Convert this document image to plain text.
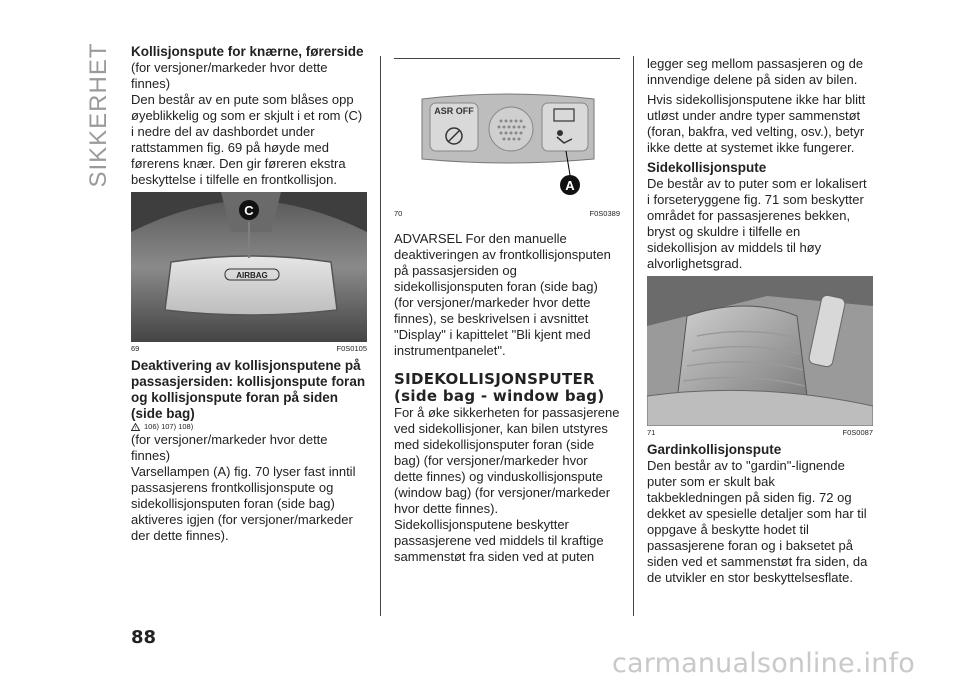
SIKKERHET Kollisjonspute for knærne, førerside

(for versjoner/markeder hvor dette finnes)

Den består av en pute som blåses opp øyeblikkelig og som er skjult i et rom (C) i nedre del av dashbordet under rattstammen fig. 69 på høyde med førerens knær. Den gir føreren ekstra beskyttelse i tilfelle en frontkollisjon.

AIRBAG
C
69	F0S0105
Deaktivering av kollisjonsputene på passasjersiden: kollisjonspute foran og kollisjonspute foran på siden (side bag)
! 106) 107) 108)

(for versjoner/markeder hvor dette finnes)

Varsellampen (A) fig. 70 lyser fast inntil passasjerens frontkollisjonspute og sidekollisjonsputen foran (side bag) aktiveres igjen (for versjoner/markeder der dette finnes).

ASR OFF
A
70	F0S0389

ADVARSEL For den manuelle deaktiveringen av frontkollisjonsputen på passasjersiden og sidekollisjonsputen foran (side bag) (for versjoner/markeder hvor dette finnes), se beskrivelsen i avsnittet "Display" i kapittelet "Bli kjent med instrumentpanelet".

SIDEKOLLISJONSPUTER (side bag - window bag)

For å øke sikkerheten for passasjerene ved sidekollisjoner, kan bilen utstyres med sidekollisjonsputer foran (side bag) (for versjoner/markeder hvor dette finnes) og vinduskollisjonspute (window bag) (for versjoner/markeder hvor dette finnes).

Sidekollisjonsputene beskytter passasjerene ved middels til kraftige sammenstøt fra siden ved at puten

legger seg mellom passasjeren og de innvendige delene på siden av bilen.

Hvis sidekollisjonsputene ikke har blitt utløst under andre typer sammenstøt (foran, bakfra, ved velting, osv.), betyr ikke dette at systemet ikke fungerer.

Sidekollisjonspute

De består av to puter som er lokalisert i forseteryggene fig. 71 som beskytter området for passasjerenes bekken, bryst og skuldre i tilfelle en sidekollisjon av middels til høy alvorlighetsgrad.

71	F0S0087
Gardinkollisjonspute

Den består av to "gardin"-lignende puter som er skult bak takbekledningen på siden fig. 72 og dekket av spesielle detaljer som har til oppgave å beskytte hodet til passasjerene foran og i baksetet på siden ved et sammenstøt fra siden, da de utvikler en stor beskyttelsesflate.

88
carmanualsonline.info
